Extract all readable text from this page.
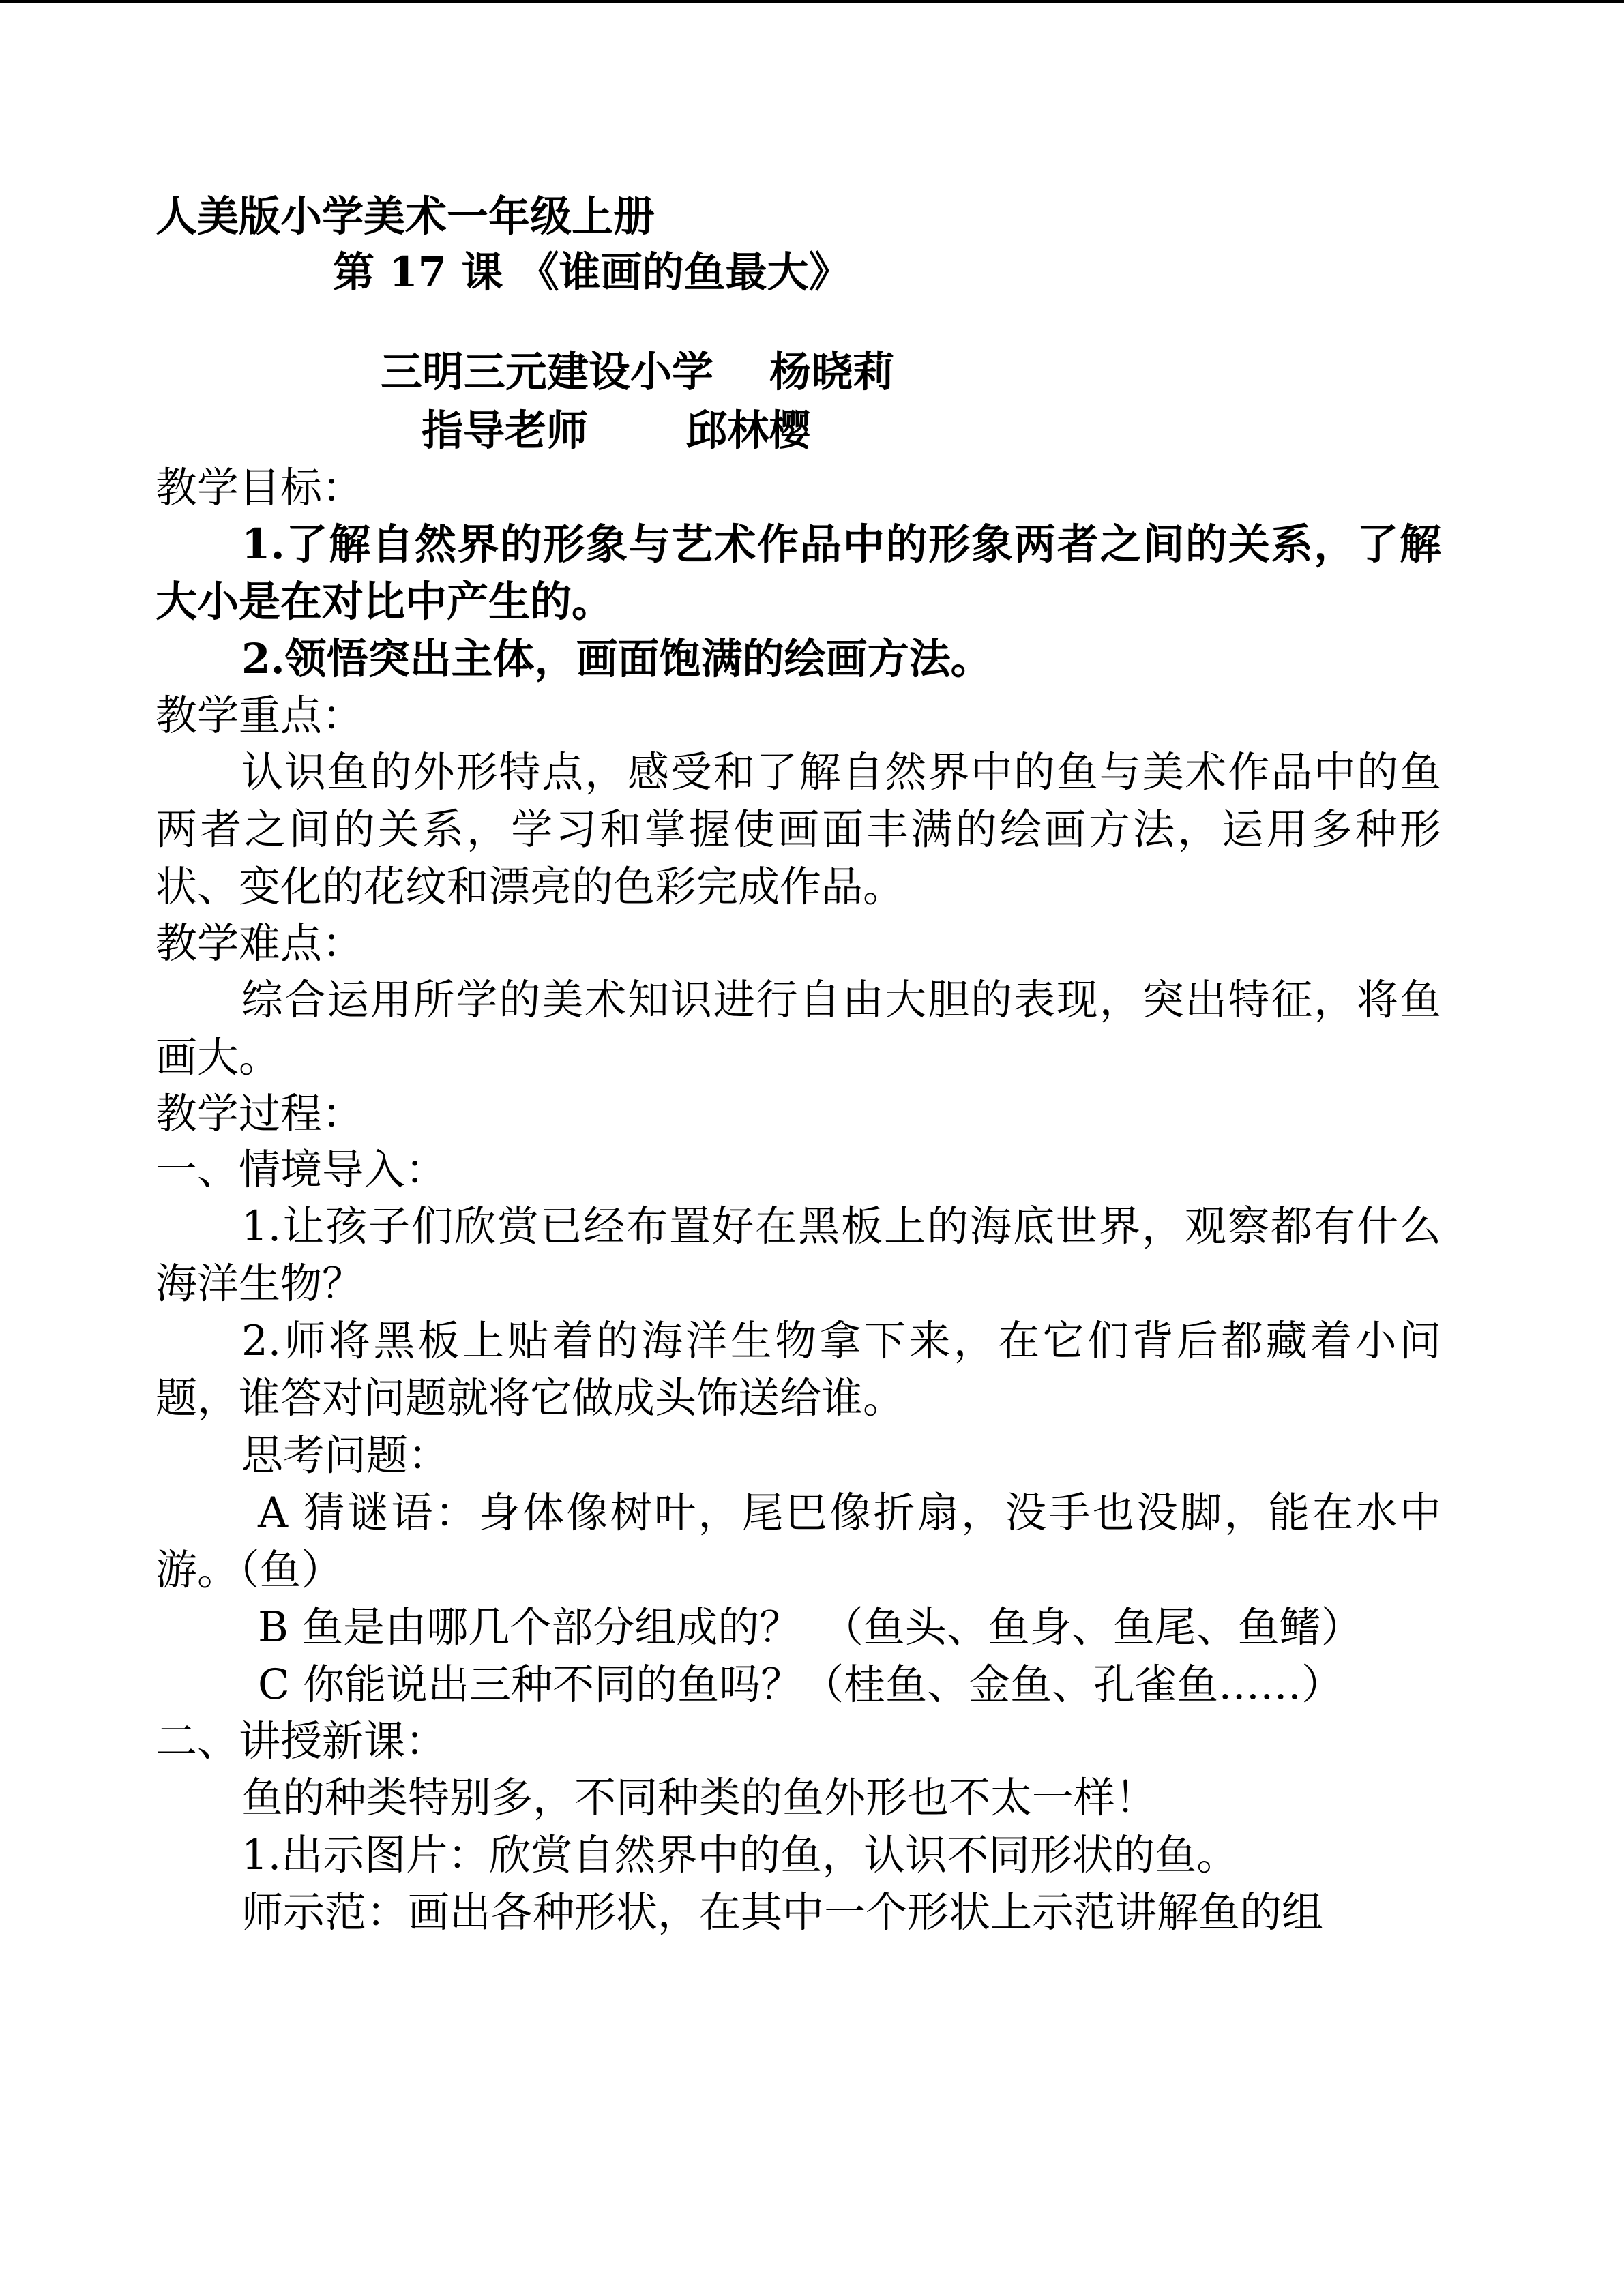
人美版小学美术一年级上册
第 17 课 《谁画的鱼最大》
三明三元建设小学　 杨晓莉
指导老师　　 邱林樱
教学目标：
1.了解自然界的形象与艺术作品中的形象两者之间的关系，了解大小是在对比中产生的。
2.领悟突出主体，画面饱满的绘画方法。
教学重点：
认识鱼的外形特点，感受和了解自然界中的鱼与美术作品中的鱼两者之间的关系，学习和掌握使画面丰满的绘画方法，运用多种形状、变化的花纹和漂亮的色彩完成作品。
教学难点：
综合运用所学的美术知识进行自由大胆的表现，突出特征，将鱼画大。
教学过程：
一、情境导入：
1.让孩子们欣赏已经布置好在黑板上的海底世界，观察都有什么海洋生物？
2.师将黑板上贴着的海洋生物拿下来，在它们背后都藏着小问题，谁答对问题就将它做成头饰送给谁。
思考问题：
A 猜谜语：身体像树叶，尾巴像折扇，没手也没脚，能在水中游。（鱼）
B 鱼是由哪几个部分组成的？　（鱼头、鱼身、鱼尾、鱼鳍）
C 你能说出三种不同的鱼吗？（桂鱼、金鱼、孔雀鱼……）
二、讲授新课：
鱼的种类特别多，不同种类的鱼外形也不太一样！
1.出示图片：欣赏自然界中的鱼，认识不同形状的鱼。
师示范：画出各种形状，在其中一个形状上示范讲解鱼的组
